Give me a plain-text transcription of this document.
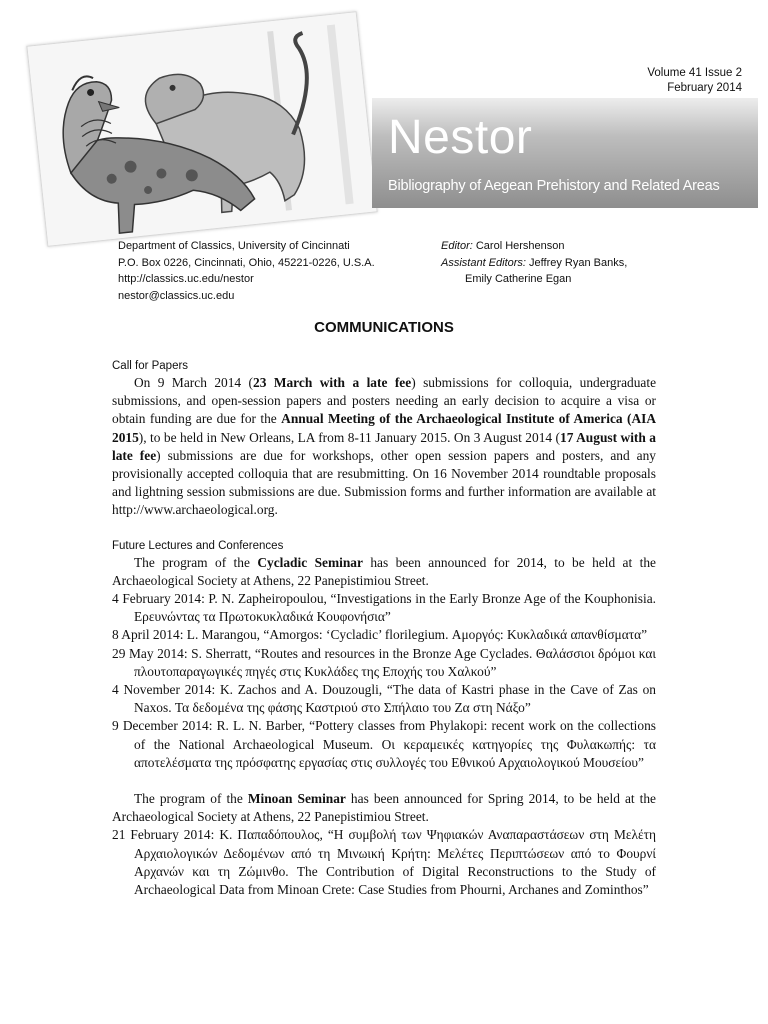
Nestor
Bibliography of Aegean Prehistory and Related Areas
Volume 41 Issue 2
February 2014
Department of Classics, University of Cincinnati
P.O. Box 0226, Cincinnati, Ohio, 45221-0226, U.S.A.
http://classics.uc.edu/nestor
nestor@classics.uc.edu
Editor: Carol Hershenson
Assistant Editors: Jeffrey Ryan Banks,
Emily Catherine Egan
COMMUNICATIONS

Call for Papers

On 9 March 2014 (23 March with a late fee) submissions for colloquia, undergraduate submissions, and open-session papers and posters needing an early decision to acquire a visa or obtain funding are due for the Annual Meeting of the Archaeological Institute of America (AIA 2015), to be held in New Orleans, LA from 8-11 January 2015. On 3 August 2014 (17 August with a late fee) submissions are due for workshops, other open session papers and posters, and any provisionally accepted colloquia that are resubmitting. On 16 November 2014 roundtable proposals and lightning session submissions are due. Submission forms and further information are available at http://www.archaeological.org.

Future Lectures and Conferences

The program of the Cycladic Seminar has been announced for 2014, to be held at the Archaeological Society at Athens, 22 Panepistimiou Street.

4 February 2014: P. N. Zapheiropoulou, “Investigations in the Early Bronze Age of the Kouphonisia. Ερευνώντας τα Πρωτοκυκλαδικά Κουφονήσια”

8 April 2014: L. Marangou, “Amorgos: ‘Cycladic’ florilegium. Αμοργός: Κυκλαδικά απανθίσματα”

29 May 2014: S. Sherratt, “Routes and resources in the Bronze Age Cyclades. Θαλάσσιοι δρόμοι και πλουτοπαραγωγικές πηγές στις Κυκλάδες της Εποχής του Χαλκού”

4 November 2014: K. Zachos and A. Douzougli, “The data of Kastri phase in the Cave of Zas on Naxos. Τα δεδομένα της φάσης Καστριού στο Σπήλαιο του Ζα στη Νάξο”

9 December 2014: R. L. N. Barber, “Pottery classes from Phylakopi: recent work on the collections of the National Archaeological Museum. Οι κεραμεικές κατηγορίες της Φυλακωπής: τα αποτελέσματα της πρόσφατης εργασίας στις συλλογές του Εθνικού Αρχαιολογικού Μουσείου”

The program of the Minoan Seminar has been announced for Spring 2014, to be held at the Archaeological Society at Athens, 22 Panepistimiou Street.

21 February 2014: Κ. Παπαδόπουλος, “Η συμβολή των Ψηφιακών Αναπαραστάσεων στη Μελέτη Αρχαιολογικών Δεδομένων από τη Μινωική Κρήτη: Μελέτες Περιπτώσεων από το Φουρνί Αρχανών και τη Ζώμινθο. The Contribution of Digital Reconstructions to the Study of Archaeological Data from Minoan Crete: Case Studies from Phourni, Archanes and Zominthos”
